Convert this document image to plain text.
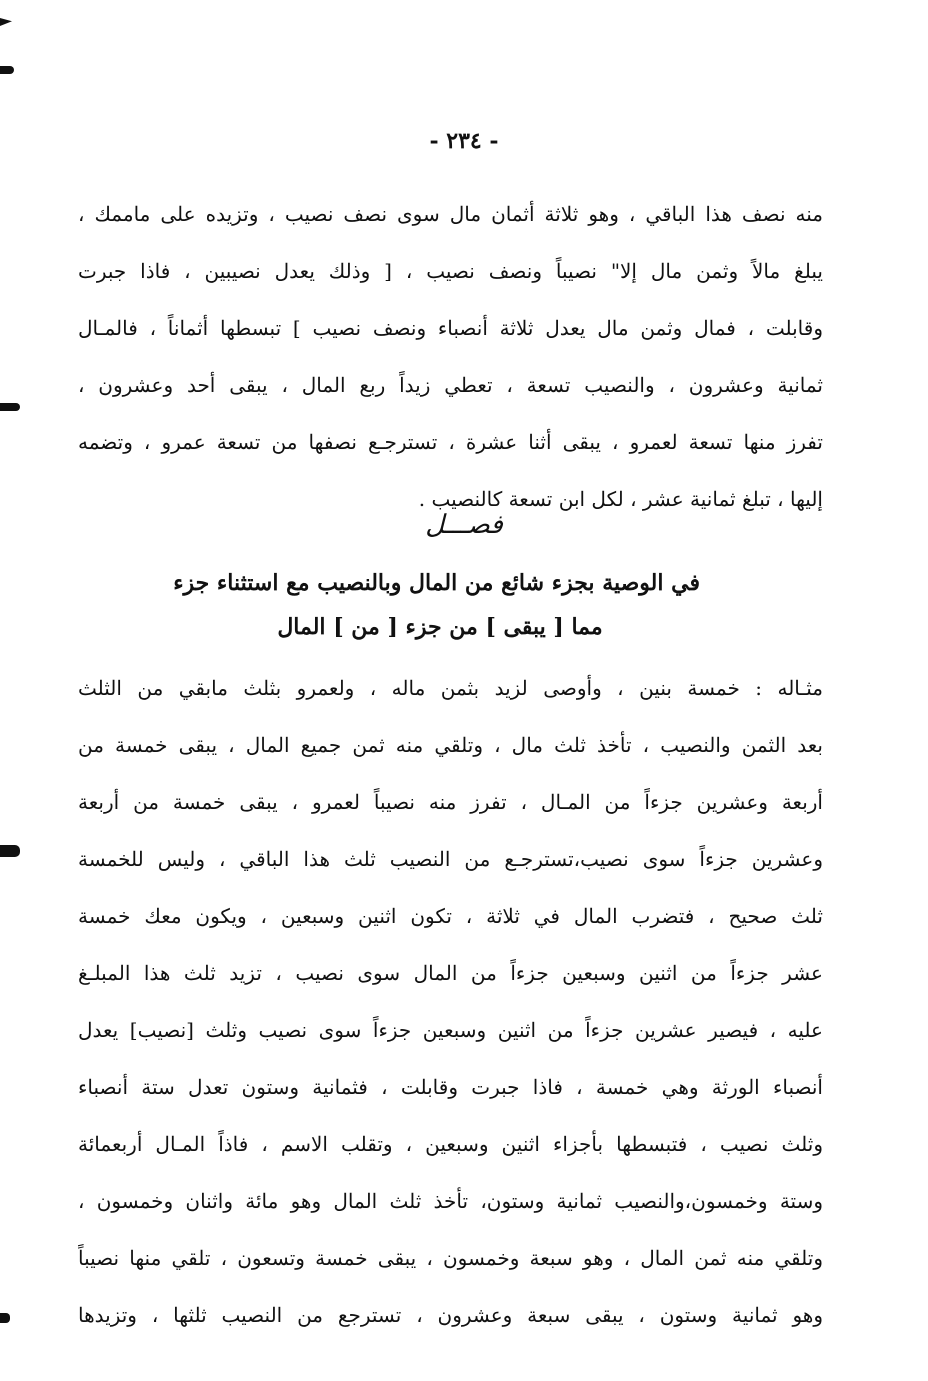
- ٢٣٤ -
منه نصف هذا الباقي ، وهو ثلاثة أثمان مال سوى نصف نصيب ، وتزيده على ماممك ،
يبلغ مالاً وثمن مال إلا" نصيباً ونصف نصيب ، [ وذلك يعدل نصيبين ، فاذا جبرت
وقابلت ، فمال وثمن مال يعدل ثلاثة أنصباء ونصف نصيب ] تبسطها أثماناً ، فالمـال
ثمانية وعشرون ، والنصيب تسعة ، تعطي زيداً ربع المال ، يبقى أحد وعشرون ،
تفرز منها تسعة لعمرو ، يبقى أثنا عشرة ، تسترجـع نصفها من تسعة عمرو ، وتضمه
إليها ، تبلغ ثمانية عشر ، لكل ابن تسعة كالنصيب .
فصـــل
في الوصية بجزء شائع من المال وبالنصيب مع استثناء جزء
مما [ يبقى ] من جزء [ من ] المال
مثـاله : خمسة بنين ، وأوصى لزيد بثمن ماله ، ولعمرو بثلث مابقي من الثلث
بعد الثمن والنصيب ، تأخذ ثلث مال ، وتلقي منه ثمن جميع المال ، يبقى خمسة من
أربعة وعشرين جزءاً من المـال ، تفرز منه نصيباً لعمرو ، يبقى خمسة من أربعة
وعشرين جزءاً سوى نصيب،تسترجـع من النصيب ثلث هذا الباقي ، وليس للخمسة
ثلث صحيح ، فتضرب المال في ثلاثة ، تكون اثنين وسبعين ، ويكون معك خمسة
عشر جزءاً من اثنين وسبعين جزءاً من المال سوى نصيب ، تزيد ثلث هذا المبلـغ
عليه ، فيصير عشرين جزءاً من اثنين وسبعين جزءاً سوى نصيب وثلث [نصيب] يعدل
أنصباء الورثة وهي خمسة ، فاذا جبرت وقابلت ، فثمانية وستون تعدل ستة أنصباء
وثلث نصيب ، فتبسطها بأجزاء اثنين وسبعين ، وتقلب الاسم ، فاذاً المـال أربعمائة
وستة وخمسون،والنصيب ثمانية وستون، تأخذ ثلث المال وهو مائة واثنان وخمسون ،
وتلقي منه ثمن المال ، وهو سبعة وخمسون ، يبقى خمسة وتسعون ، تلقي منها نصيباً
وهو ثمانية وستون ، يبقى سبعة وعشرون ، تسترجع من النصيب ثلثها ، وتزيدها
